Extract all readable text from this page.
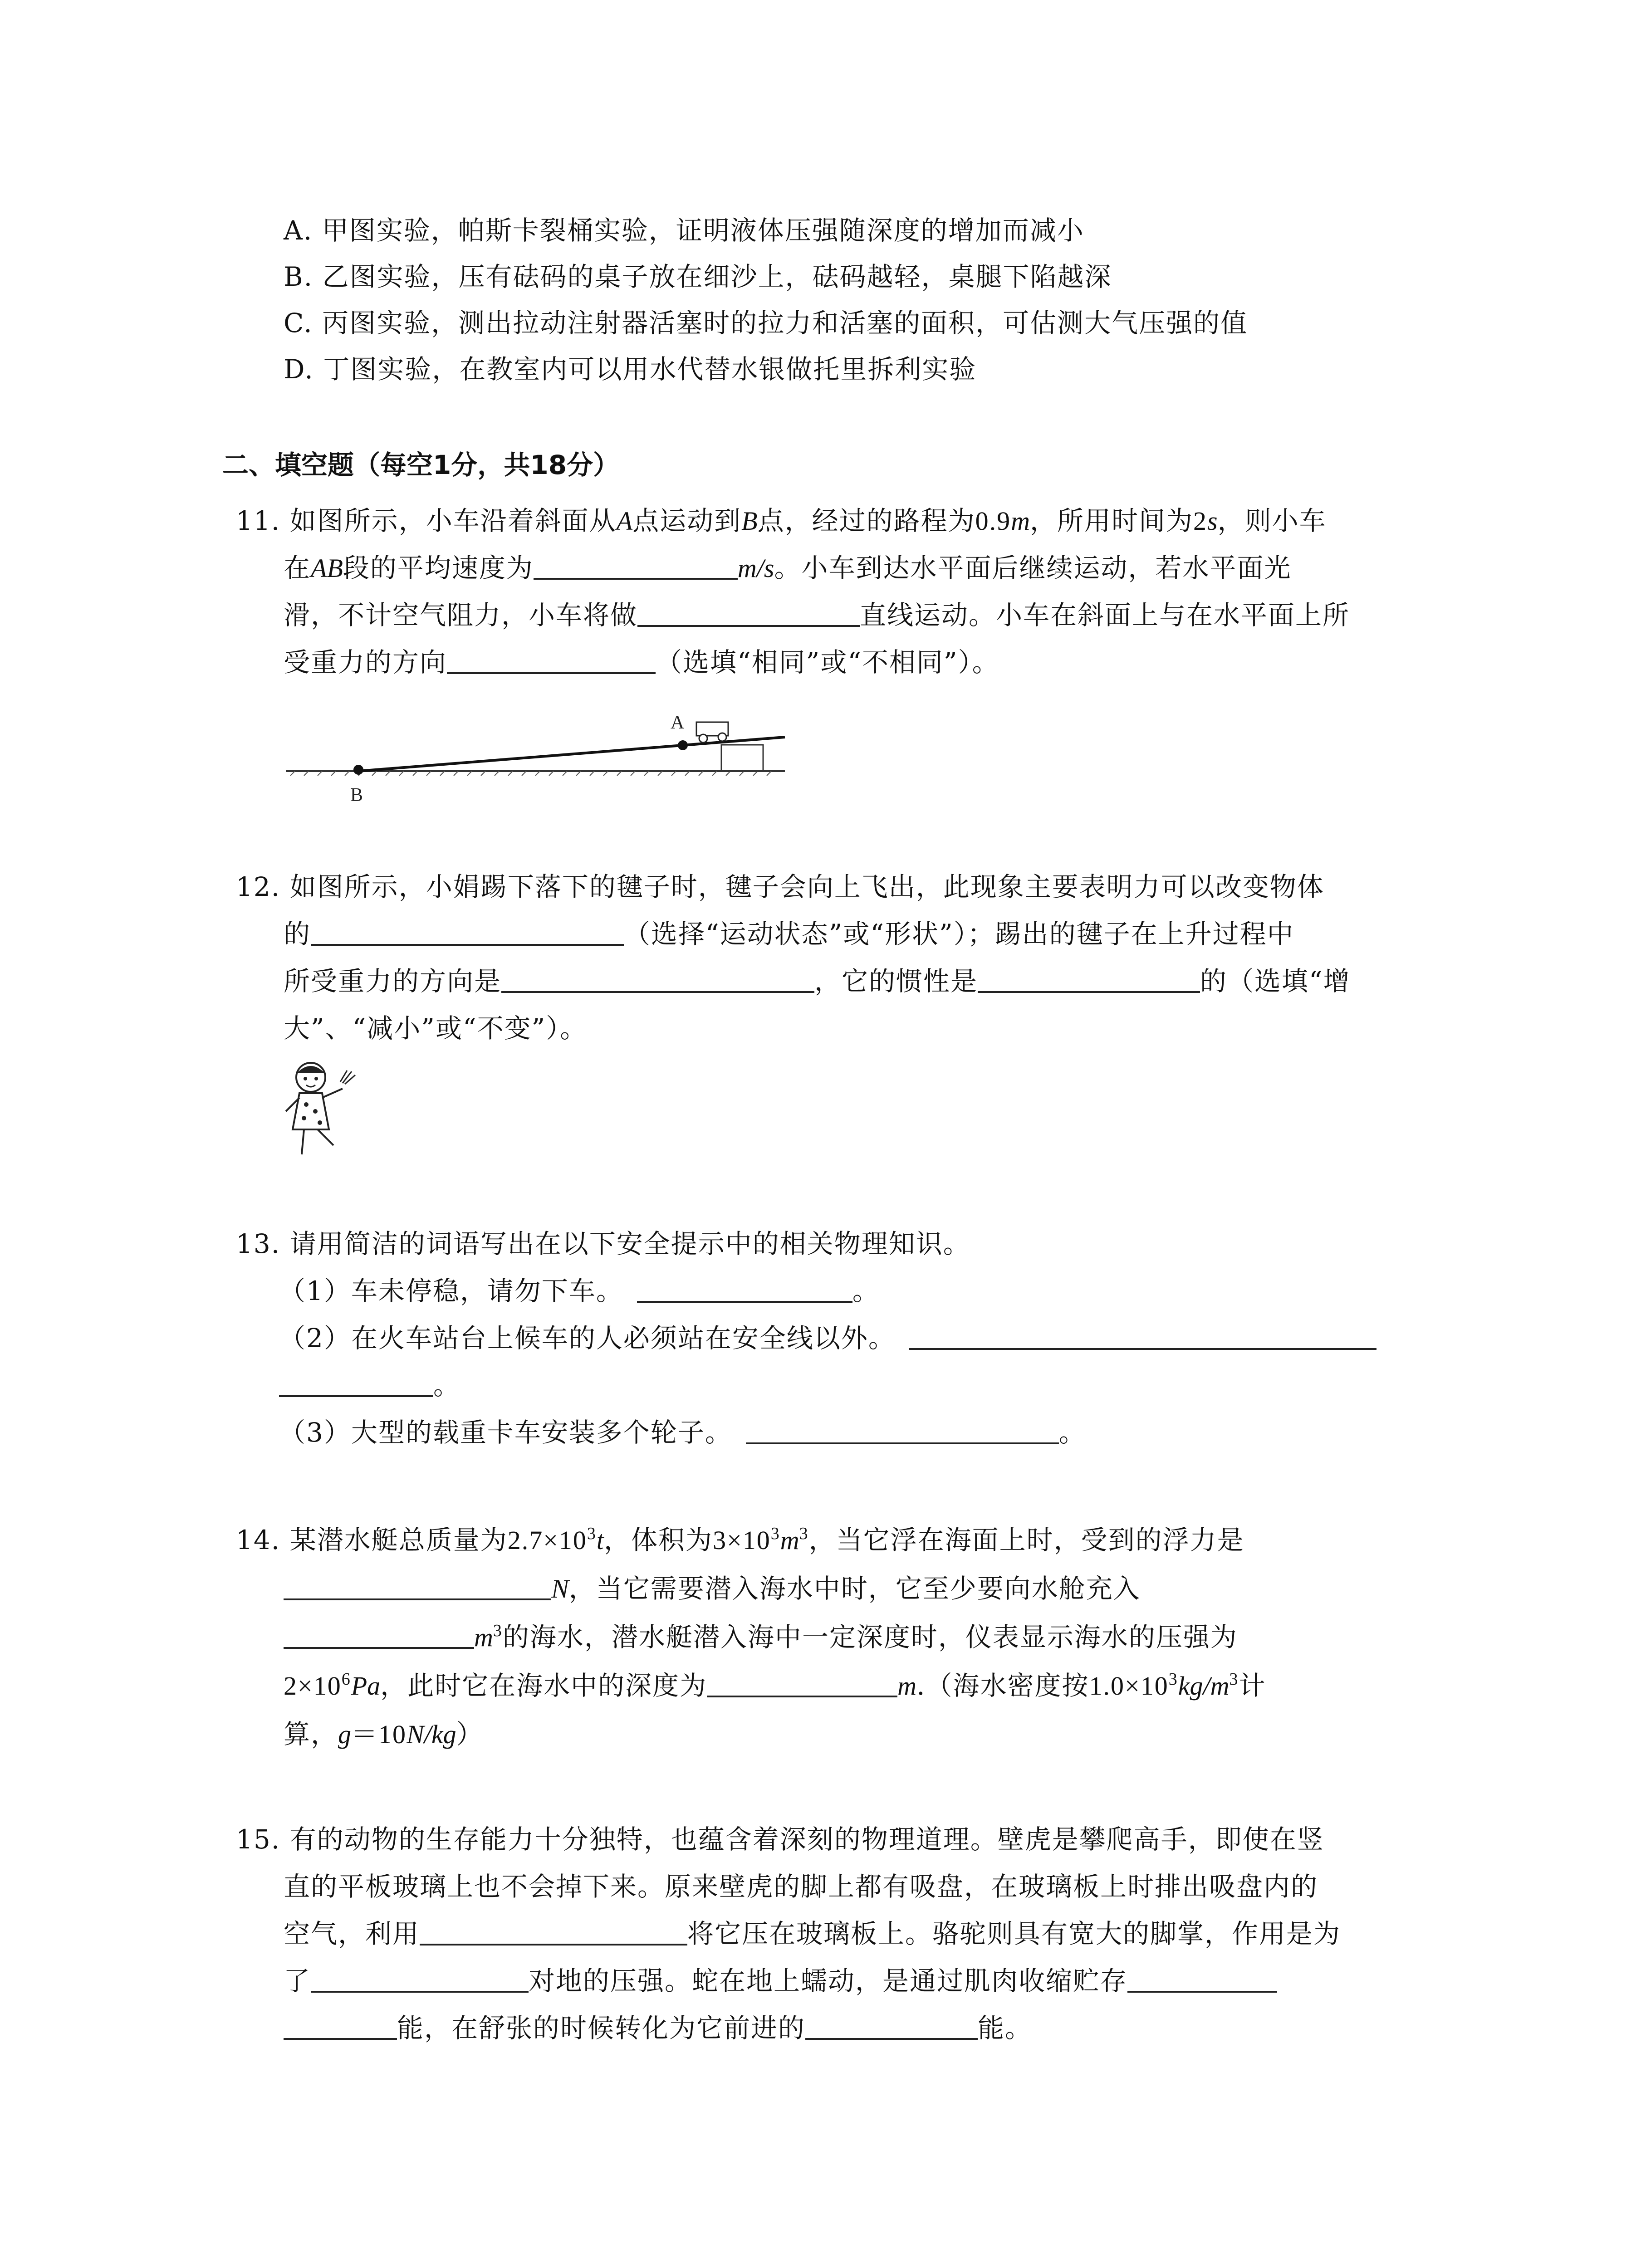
A. 甲图实验，帕斯卡裂桶实验，证明液体压强随深度的增加而减小
B. 乙图实验，压有砝码的桌子放在细沙上，砝码越轻，桌腿下陷越深
C. 丙图实验，测出拉动注射器活塞时的拉力和活塞的面积，可估测大气压强的值
D. 丁图实验，在教室内可以用水代替水银做托里拆利实验
二、填空题（每空1分，共18分）
11. 如图所示，小车沿着斜面从A点运动到B点，经过的路程为0.9m，所用时间为2s，则小车
在AB段的平均速度为	m/s。小车到达水平面后继续运动，若水平面光
滑，不计空气阻力，小车将做	直线运动。小车在斜面上与在水平面上所
受重力的方向	（选填“相同”或“不相同”）。
A
B
12. 如图所示，小娟踢下落下的毽子时，毽子会向上飞出，此现象主要表明力可以改变物体
的	（选择“运动状态”或“形状”）；踢出的毽子在上升过程中
所受重力的方向是	，它的惯性是	的（选填“增
大”、“减小”或“不变”）。
13. 请用简洁的词语写出在以下安全提示中的相关物理知识。
（1）车未停稳，请勿下车。	。
（2）在火车站台上候车的人必须站在安全线以外。
。
（3）大型的载重卡车安装多个轮子。	。
14. 某潜水艇总质量为$2.7\times 10^3t$，体积为$3\times 10^3m^3$，当它浮在海面上时，受到的浮力是
N，当它需要潜入海水中时，它至少要向水舱充入
$m^3$的海水，潜水艇潜入海中一定深度时，仪表显示海水的压强为
$2\times 10^6Pa$，此时它在海水中的深度为	m.（海水密度按$1.0\times 10^3kg/m^3$计
算，g＝10N/kg）
15. 有的动物的生存能力十分独特，也蕴含着深刻的物理道理。壁虎是攀爬高手，即使在竖
直的平板玻璃上也不会掉下来。原来壁虎的脚上都有吸盘，在玻璃板上时排出吸盘内的
空气，利用	将它压在玻璃板上。骆驼则具有宽大的脚掌，作用是为
了	对地的压强。蛇在地上蠕动，是通过肌肉收缩贮存
能，在舒张的时候转化为它前进的	能。
